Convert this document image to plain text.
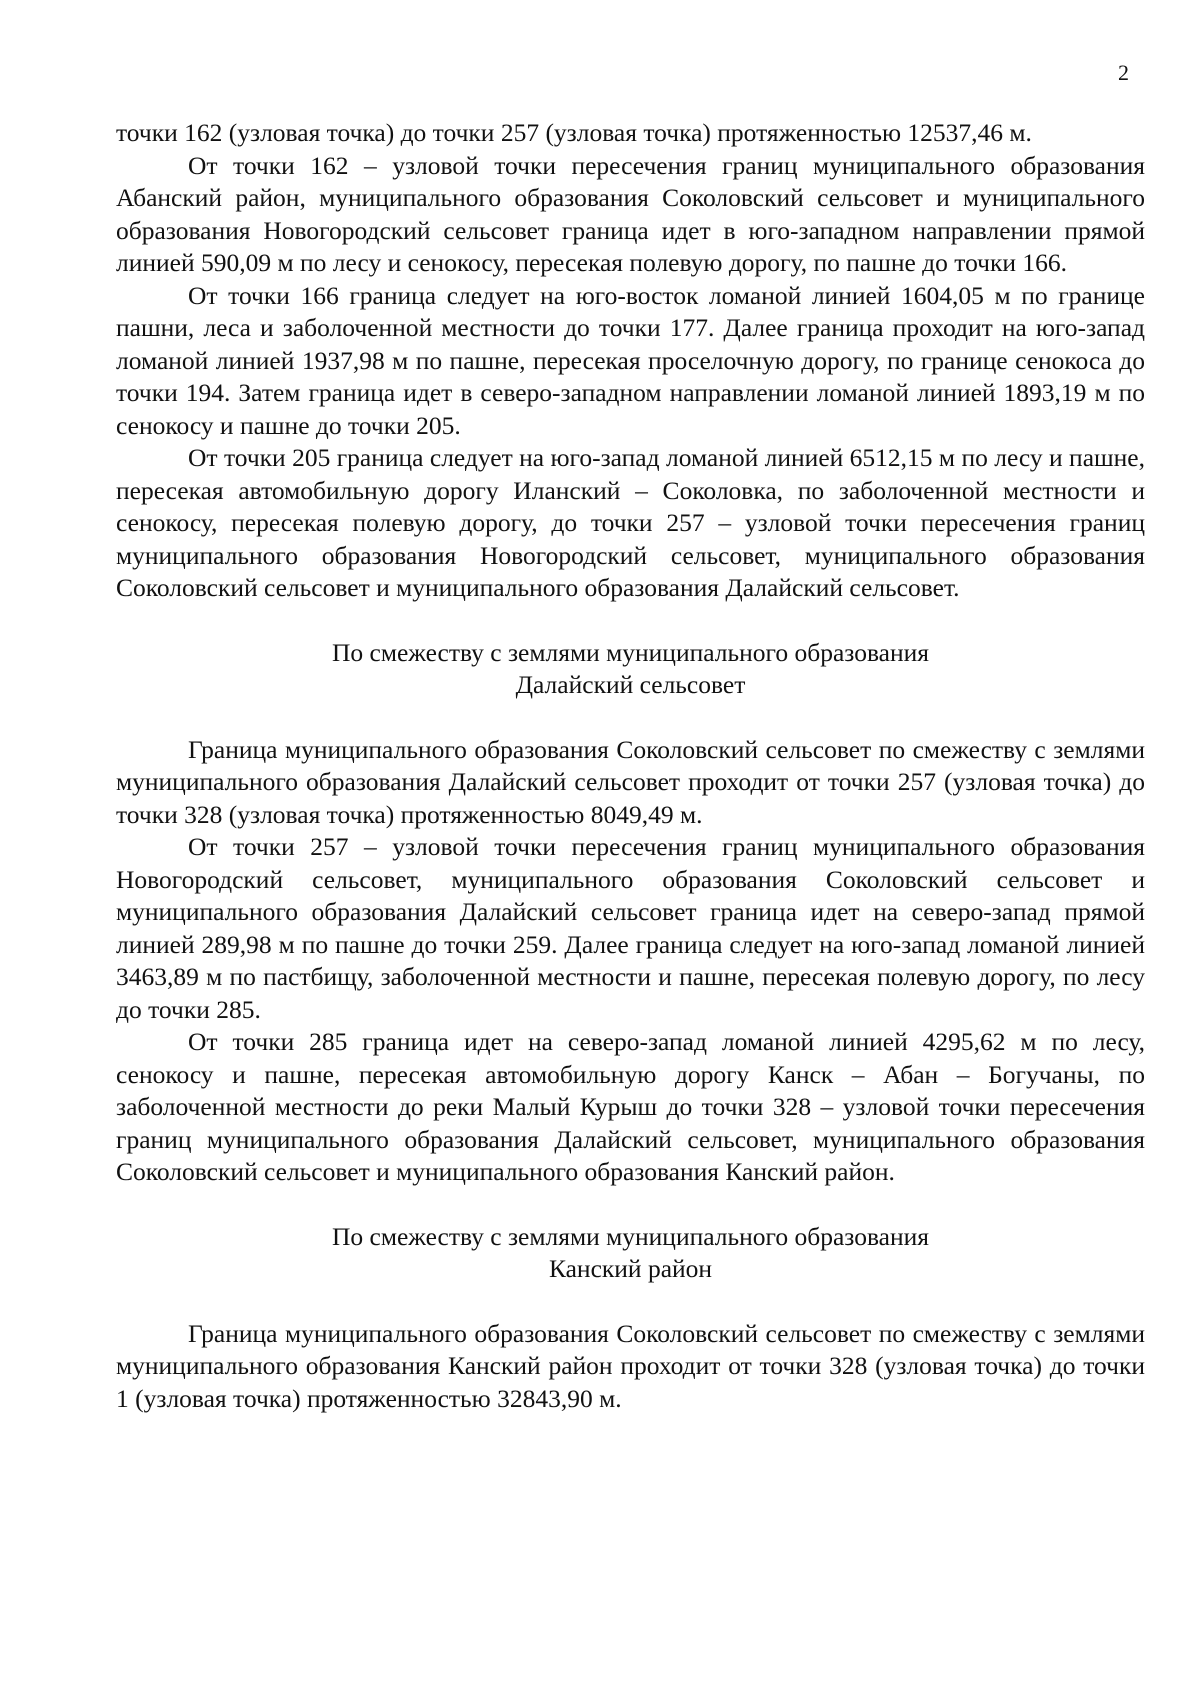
2

точки 162 (узловая точка) до точки 257 (узловая точка) протяженностью 12537,46 м.

От точки 162 – узловой точки пересечения границ муниципального образования Абанский район, муниципального образования Соколовский сельсовет и муниципального образования Новогородский сельсовет граница идет в юго-западном направлении прямой линией 590,09 м по лесу и сенокосу, пересекая полевую дорогу, по пашне до точки 166.

От точки 166 граница следует на юго-восток ломаной линией 1604,05 м по границе пашни, леса и заболоченной местности до точки 177. Далее граница проходит на юго-запад ломаной линией 1937,98 м по пашне, пересекая проселочную дорогу, по границе сенокоса до точки 194. Затем граница идет в северо-западном направлении ломаной линией 1893,19 м по сенокосу и пашне до точки 205.

От точки 205 граница следует на юго-запад ломаной линией 6512,15 м по лесу и пашне, пересекая автомобильную дорогу Иланский – Соколовка, по заболоченной местности и сенокосу, пересекая полевую дорогу, до точки 257 – узловой точки пересечения границ муниципального образования Новогородский сельсовет, муниципального образования Соколовский сельсовет и муниципального образования Далайский сельсовет.

По смежеству с землями муниципального образования
Далайский сельсовет

Граница муниципального образования Соколовский сельсовет по смежеству с землями муниципального образования Далайский сельсовет проходит от точки 257 (узловая точка) до точки 328 (узловая точка) протяженностью 8049,49 м.

От точки 257 – узловой точки пересечения границ муниципального образования Новогородский сельсовет, муниципального образования Соколовский сельсовет и муниципального образования Далайский сельсовет граница идет на северо-запад прямой линией 289,98 м по пашне до точки 259. Далее граница следует на юго-запад ломаной линией 3463,89 м по пастбищу, заболоченной местности и пашне, пересекая полевую дорогу, по лесу до точки 285.

От точки 285 граница идет на северо-запад ломаной линией 4295,62 м по лесу, сенокосу и пашне, пересекая автомобильную дорогу Канск – Абан – Богучаны, по заболоченной местности до реки Малый Курыш до точки 328 – узловой точки пересечения границ муниципального образования Далайский сельсовет, муниципального образования Соколовский сельсовет и муниципального образования Канский район.

По смежеству с землями муниципального образования
Канский район

Граница муниципального образования Соколовский сельсовет по смежеству с землями муниципального образования Канский район проходит от точки 328 (узловая точка) до точки 1 (узловая точка) протяженностью 32843,90 м.
